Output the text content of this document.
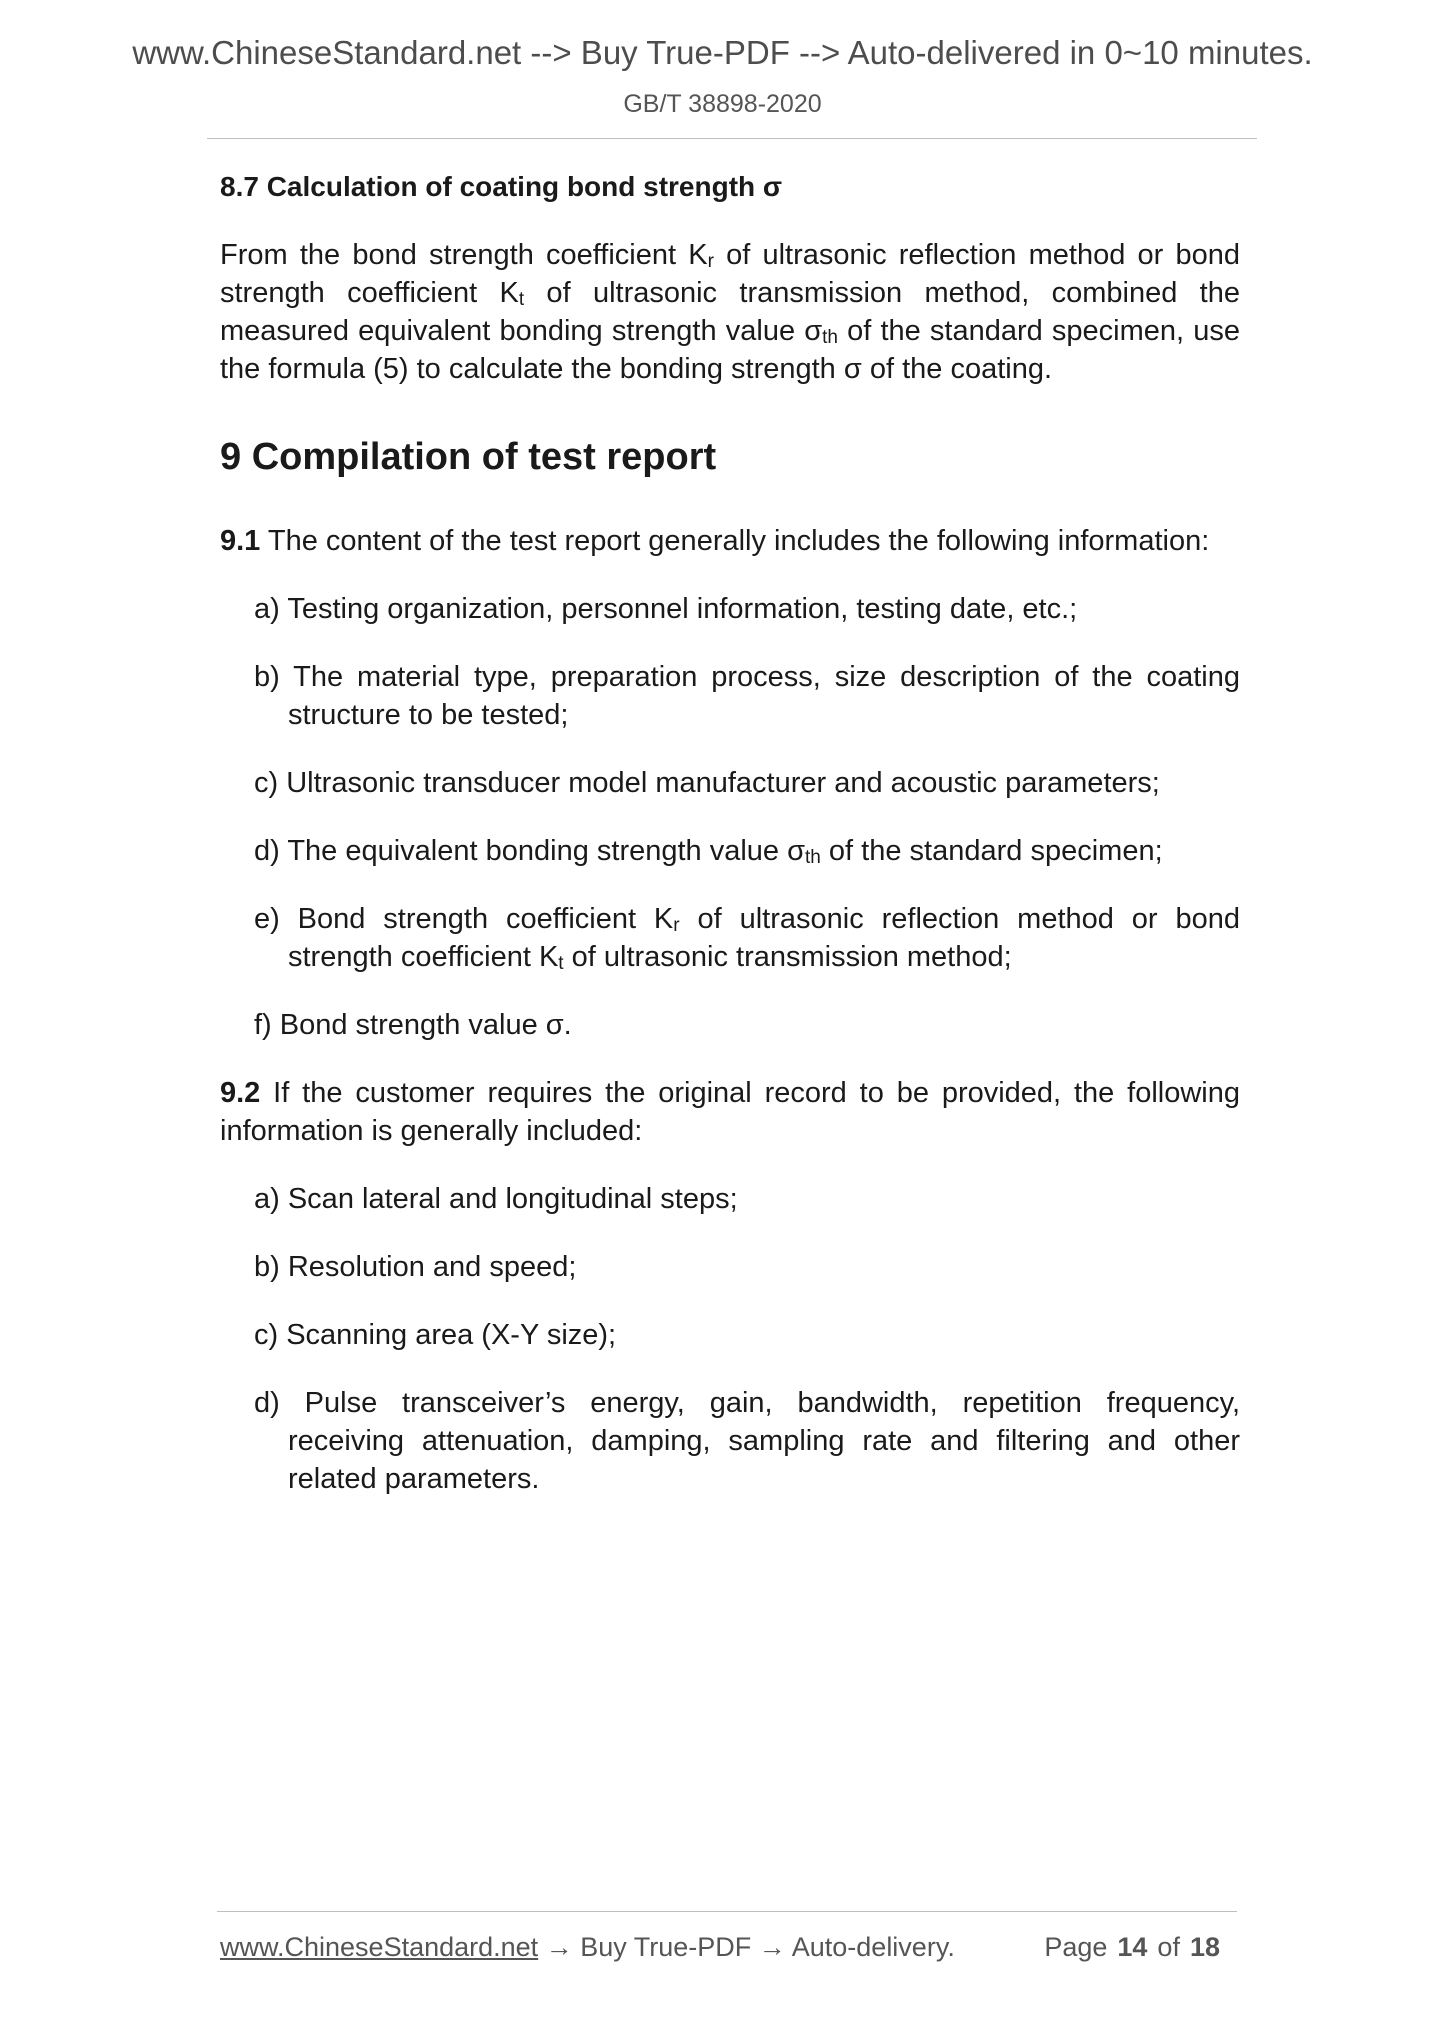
www.ChineseStandard.net --> Buy True-PDF --> Auto-delivered in 0~10 minutes.
GB/T 38898-2020

8.7 Calculation of coating bond strength σ

From the bond strength coefficient $K_r$ of ultrasonic reflection method or bond strength coefficient $K_t$ of ultrasonic transmission method, combined the measured equivalent bonding strength value $\sigma_{th}$ of the standard specimen, use the formula (5) to calculate the bonding strength σ of the coating.

9 Compilation of test report

9.1 The content of the test report generally includes the following information:

a) Testing organization, personnel information, testing date, etc.;
b) The material type, preparation process, size description of the coating structure to be tested;
c) Ultrasonic transducer model manufacturer and acoustic parameters;
d) The equivalent bonding strength value $\sigma_{th}$ of the standard specimen;
e) Bond strength coefficient $K_r$ of ultrasonic reflection method or bond strength coefficient $K_t$ of ultrasonic transmission method;
f) Bond strength value σ.

9.2 If the customer requires the original record to be provided, the following information is generally included:

a) Scan lateral and longitudinal steps;
b) Resolution and speed;
c) Scanning area (X-Y size);
d) Pulse transceiver’s energy, gain, bandwidth, repetition frequency, receiving attenuation, damping, sampling rate and filtering and other related parameters.
www.ChineseStandard.net → Buy True-PDF → Auto-delivery.	Page 14 of 18
